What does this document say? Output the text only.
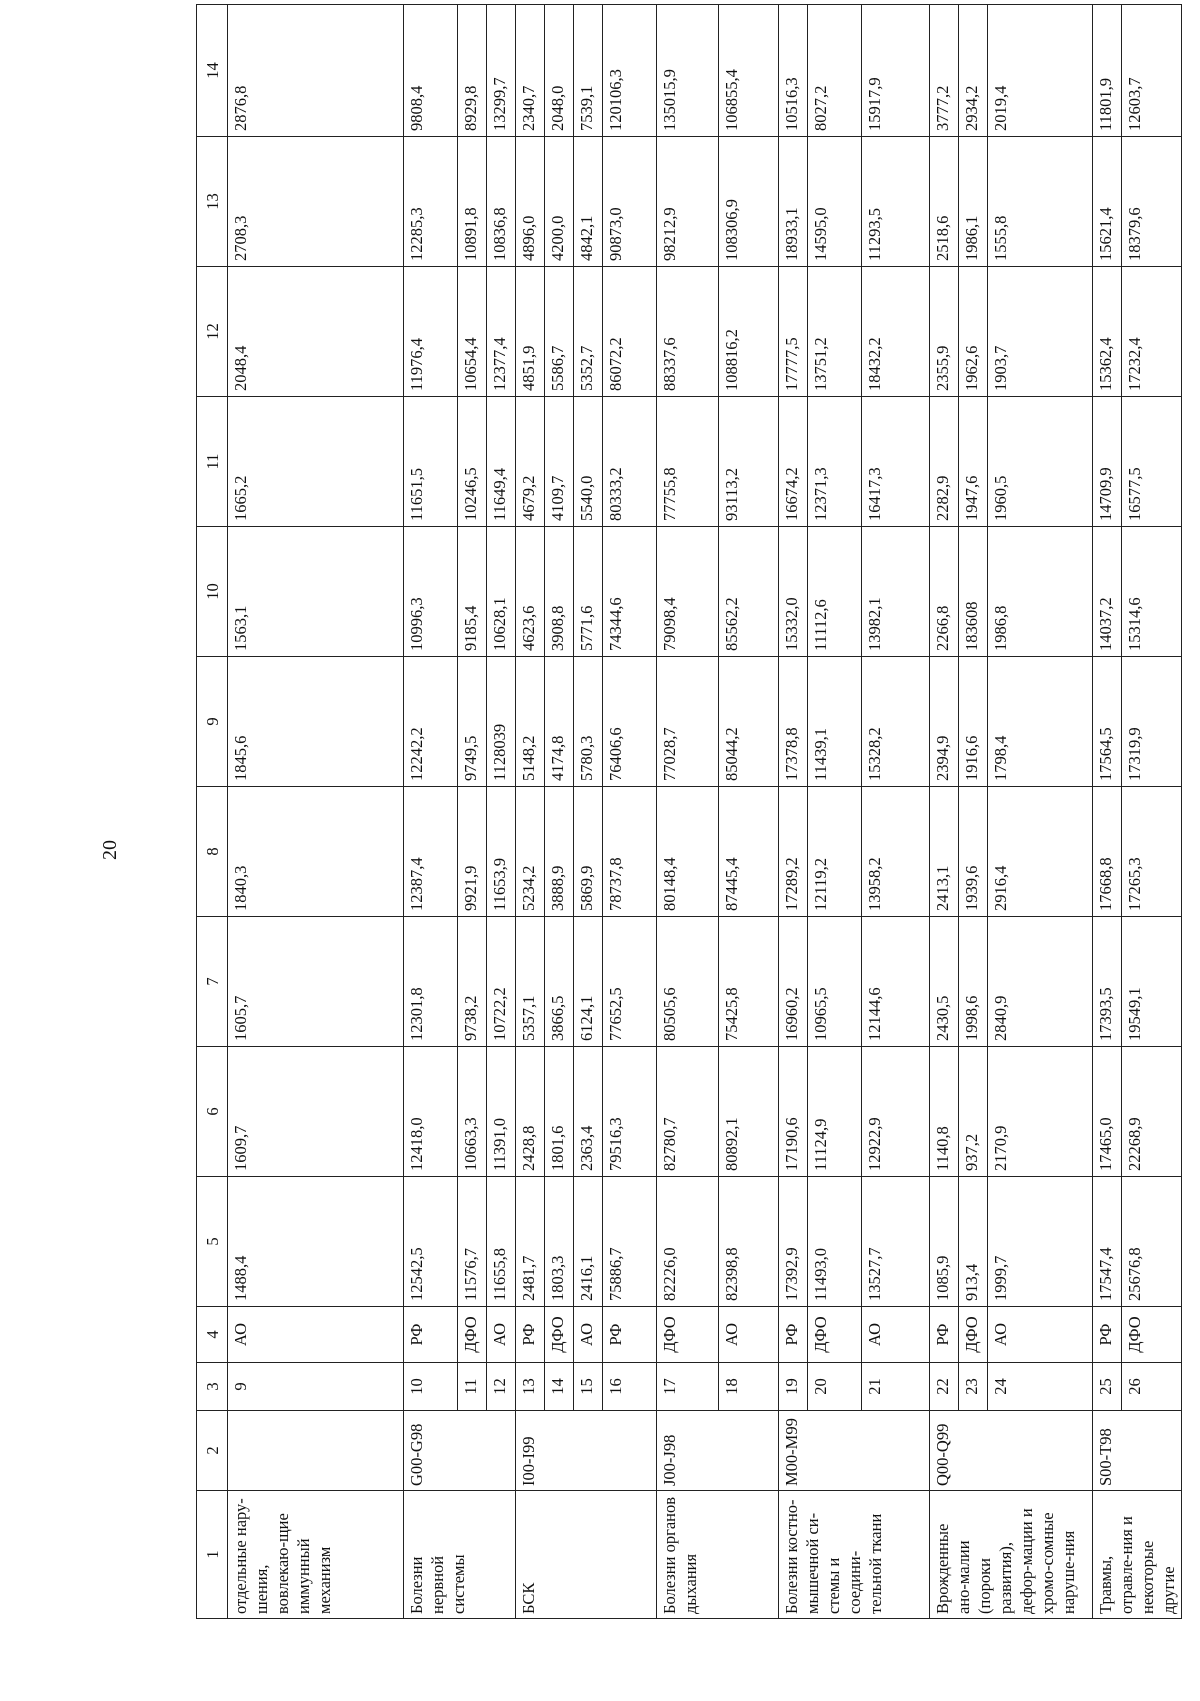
20
1	2	3	4	5	6	7	8	9	10	11	12	13	14
отдельные нару-шения, вовлекаю-щие иммунный механизм		9	АО	1488,4	1609,7	1605,7	1840,3	1845,6	1563,1	1665,2	2048,4	2708,3	2876,8
Болезни нервной системы	G00-G98	10	РФ	12542,5	12418,0	12301,8	12387,4	12242,2	10996,3	11651,5	11976,4	12285,3	9808,4
		11	ДФО	11576,7	10663,3	9738,2	9921,9	9749,5	9185,4	10246,5	10654,4	10891,8	8929,8
		12	АО	11655,8	11391,0	10722,2	11653,9	1128039	10628,1	11649,4	12377,4	10836,8	13299,7
БСК	I00-I99	13	РФ	2481,7	2428,8	5357,1	5234,2	5148,2	4623,6	4679,2	4851,9	4896,0	2340,7
		14	ДФО	1803,3	1801,6	3866,5	3888,9	4174,8	3908,8	4109,7	5586,7	4200,0	2048,0
		15	АО	2416,1	2363,4	6124,1	5869,9	5780,3	5771,6	5540,0	5352,7	4842,1	7539,1
		16	РФ	75886,7	79516,3	77652,5	78737,8	76406,6	74344,6	80333,2	86072,2	90873,0	120106,3
Болезни органов дыхания	J00-J98	17	ДФО	82226,0	82780,7	80505,6	80148,4	77028,7	79098,4	77755,8	88337,6	98212,9	135015,9
		18	АО	82398,8	80892,1	75425,8	87445,4	85044,2	85562,2	93113,2	108816,2	108306,9	106855,4
Болезни костно-мышечной си-стемы и соедини-тельной ткани	M00-M99	19	РФ	17392,9	17190,6	16960,2	17289,2	17378,8	15332,0	16674,2	17777,5	18933,1	10516,3
		20	ДФО	11493,0	11124,9	10965,5	12119,2	11439,1	11112,6	12371,3	13751,2	14595,0	8027,2
		21	АО	13527,7	12922,9	12144,6	13958,2	15328,2	13982,1	16417,3	18432,2	11293,5	15917,9
Врожденные ано-малии (пороки развития), дефор-мации и хромо-сомные наруше-ния	Q00-Q99	22	РФ	1085,9	1140,8	2430,5	2413,1	2394,9	2266,8	2282,9	2355,9	2518,6	3777,2
		23	ДФО	913,4	937,2	1998,6	1939,6	1916,6	183608	1947,6	1962,6	1986,1	2934,2
		24	АО	1999,7	2170,9	2840,9	2916,4	1798,4	1986,8	1960,5	1903,7	1555,8	2019,4
Травмы, отравле-ния и некоторые другие	S00-T98	25	РФ	17547,4	17465,0	17393,5	17668,8	17564,5	14037,2	14709,9	15362,4	15621,4	11801,9
		26	ДФО	25676,8	22268,9	19549,1	17265,3	17319,9	15314,6	16577,5	17232,4	18379,6	12603,7
